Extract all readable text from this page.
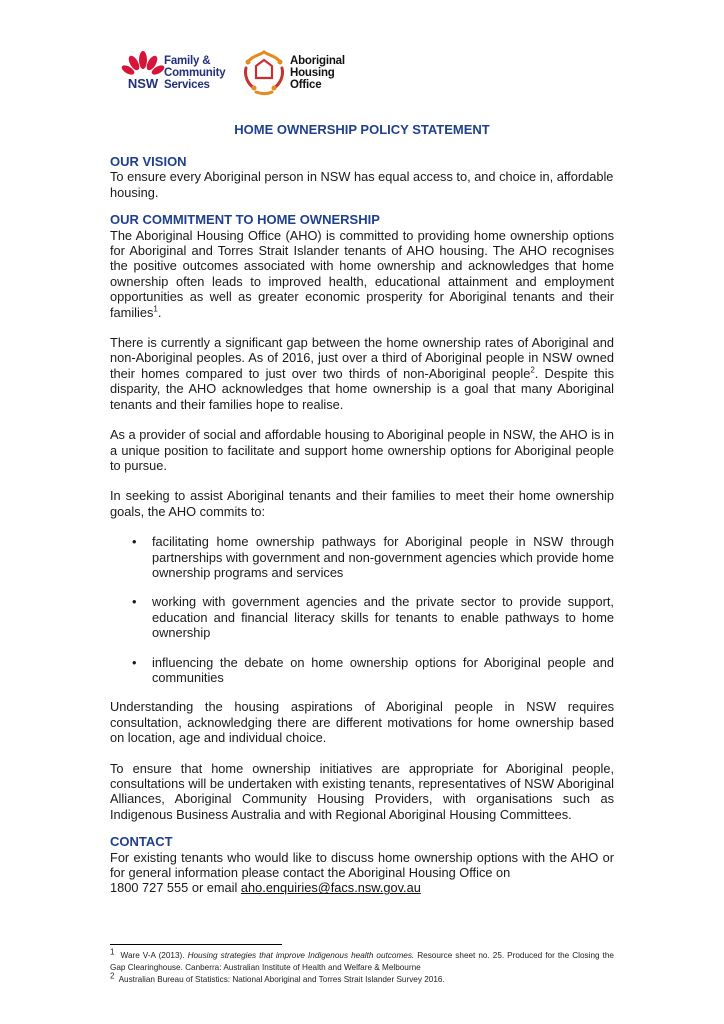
NSW
Family &
Community
Services
Aboriginal
Housing
Office
HOME OWNERSHIP POLICY STATEMENT

OUR VISION

To ensure every Aboriginal person in NSW has equal access to, and choice in, affordable housing.

OUR COMMITMENT TO HOME OWNERSHIP

The Aboriginal Housing Office (AHO) is committed to providing home ownership options for Aboriginal and Torres Strait Islander tenants of AHO housing. The AHO recognises the positive outcomes associated with home ownership and acknowledges that home ownership often leads to improved health, educational attainment and employment opportunities as well as greater economic prosperity for Aboriginal tenants and their families$^1$.

There is currently a significant gap between the home ownership rates of Aboriginal and non-Aboriginal peoples. As of 2016, just over a third of Aboriginal people in NSW owned their homes compared to just over two thirds of non-Aboriginal people$^2$. Despite this disparity, the AHO acknowledges that home ownership is a goal that many Aboriginal tenants and their families hope to realise.

As a provider of social and affordable housing to Aboriginal people in NSW, the AHO is in a unique position to facilitate and support home ownership options for Aboriginal people to pursue.

In seeking to assist Aboriginal tenants and their families to meet their home ownership goals, the AHO commits to:

• facilitating home ownership pathways for Aboriginal people in NSW through partnerships with government and non-government agencies which provide home ownership programs and services
• working with government agencies and the private sector to provide support, education and financial literacy skills for tenants to enable pathways to home ownership
• influencing the debate on home ownership options for Aboriginal people and communities

Understanding the housing aspirations of Aboriginal people in NSW requires consultation, acknowledging there are different motivations for home ownership based on location, age and individual choice.

To ensure that home ownership initiatives are appropriate for Aboriginal people, consultations will be undertaken with existing tenants, representatives of NSW Aboriginal Alliances, Aboriginal Community Housing Providers, with organisations such as Indigenous Business Australia and with Regional Aboriginal Housing Committees.

CONTACT

For existing tenants who would like to discuss home ownership options with the AHO or for general information please contact the Aboriginal Housing Office on
1800 727 555 or email aho.enquiries@facs.nsw.gov.au

$^1$ Ware V-A (2013). Housing strategies that improve Indigenous health outcomes. Resource sheet no. 25. Produced for the Closing the Gap Clearinghouse. Canberra: Australian Institute of Health and Welfare & Melbourne

$^2$ Australian Bureau of Statistics: National Aboriginal and Torres Strait Islander Survey 2016.
